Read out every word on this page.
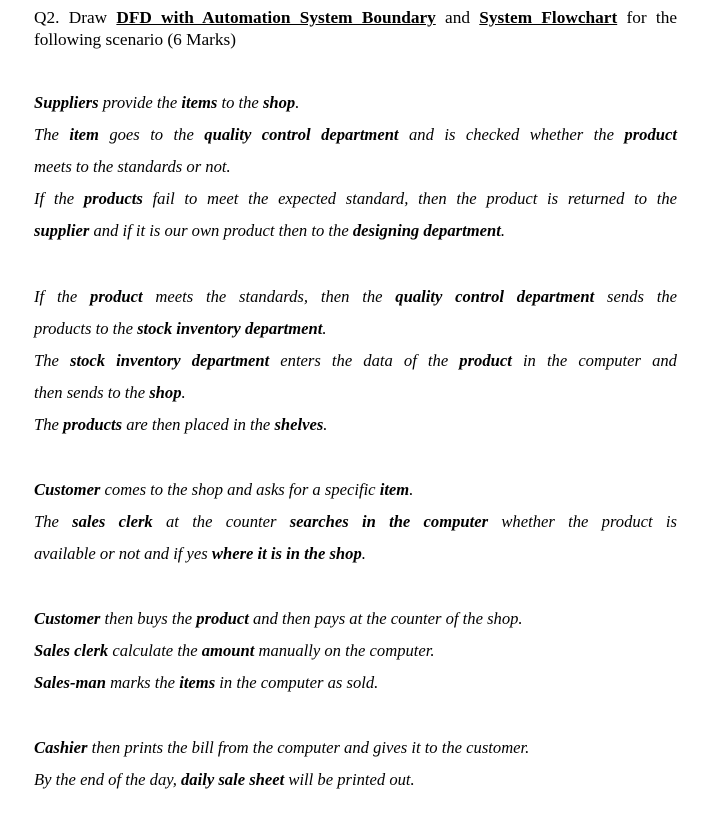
Q2. Draw DFD with Automation System Boundary and System Flowchart for the
following scenario (6 Marks)
Suppliers provide the items to the shop.
The item goes to the quality control department and is checked whether the product
meets to the standards or not.
If the products fail to meet the expected standard, then the product is returned to the
supplier and if it is our own product then to the designing department.
If the product meets the standards, then the quality control department sends the
products to the stock inventory department.
The stock inventory department enters the data of the product in the computer and
then sends to the shop.
The products are then placed in the shelves.
Customer comes to the shop and asks for a specific item.
The sales clerk at the counter searches in the computer whether the product is
available or not and if yes where it is in the shop.
Customer then buys the product and then pays at the counter of the shop.
Sales clerk calculate the amount manually on the computer.
Sales-man marks the items in the computer as sold.
Cashier then prints the bill from the computer and gives it to the customer.
By the end of the day, daily sale sheet will be printed out.
